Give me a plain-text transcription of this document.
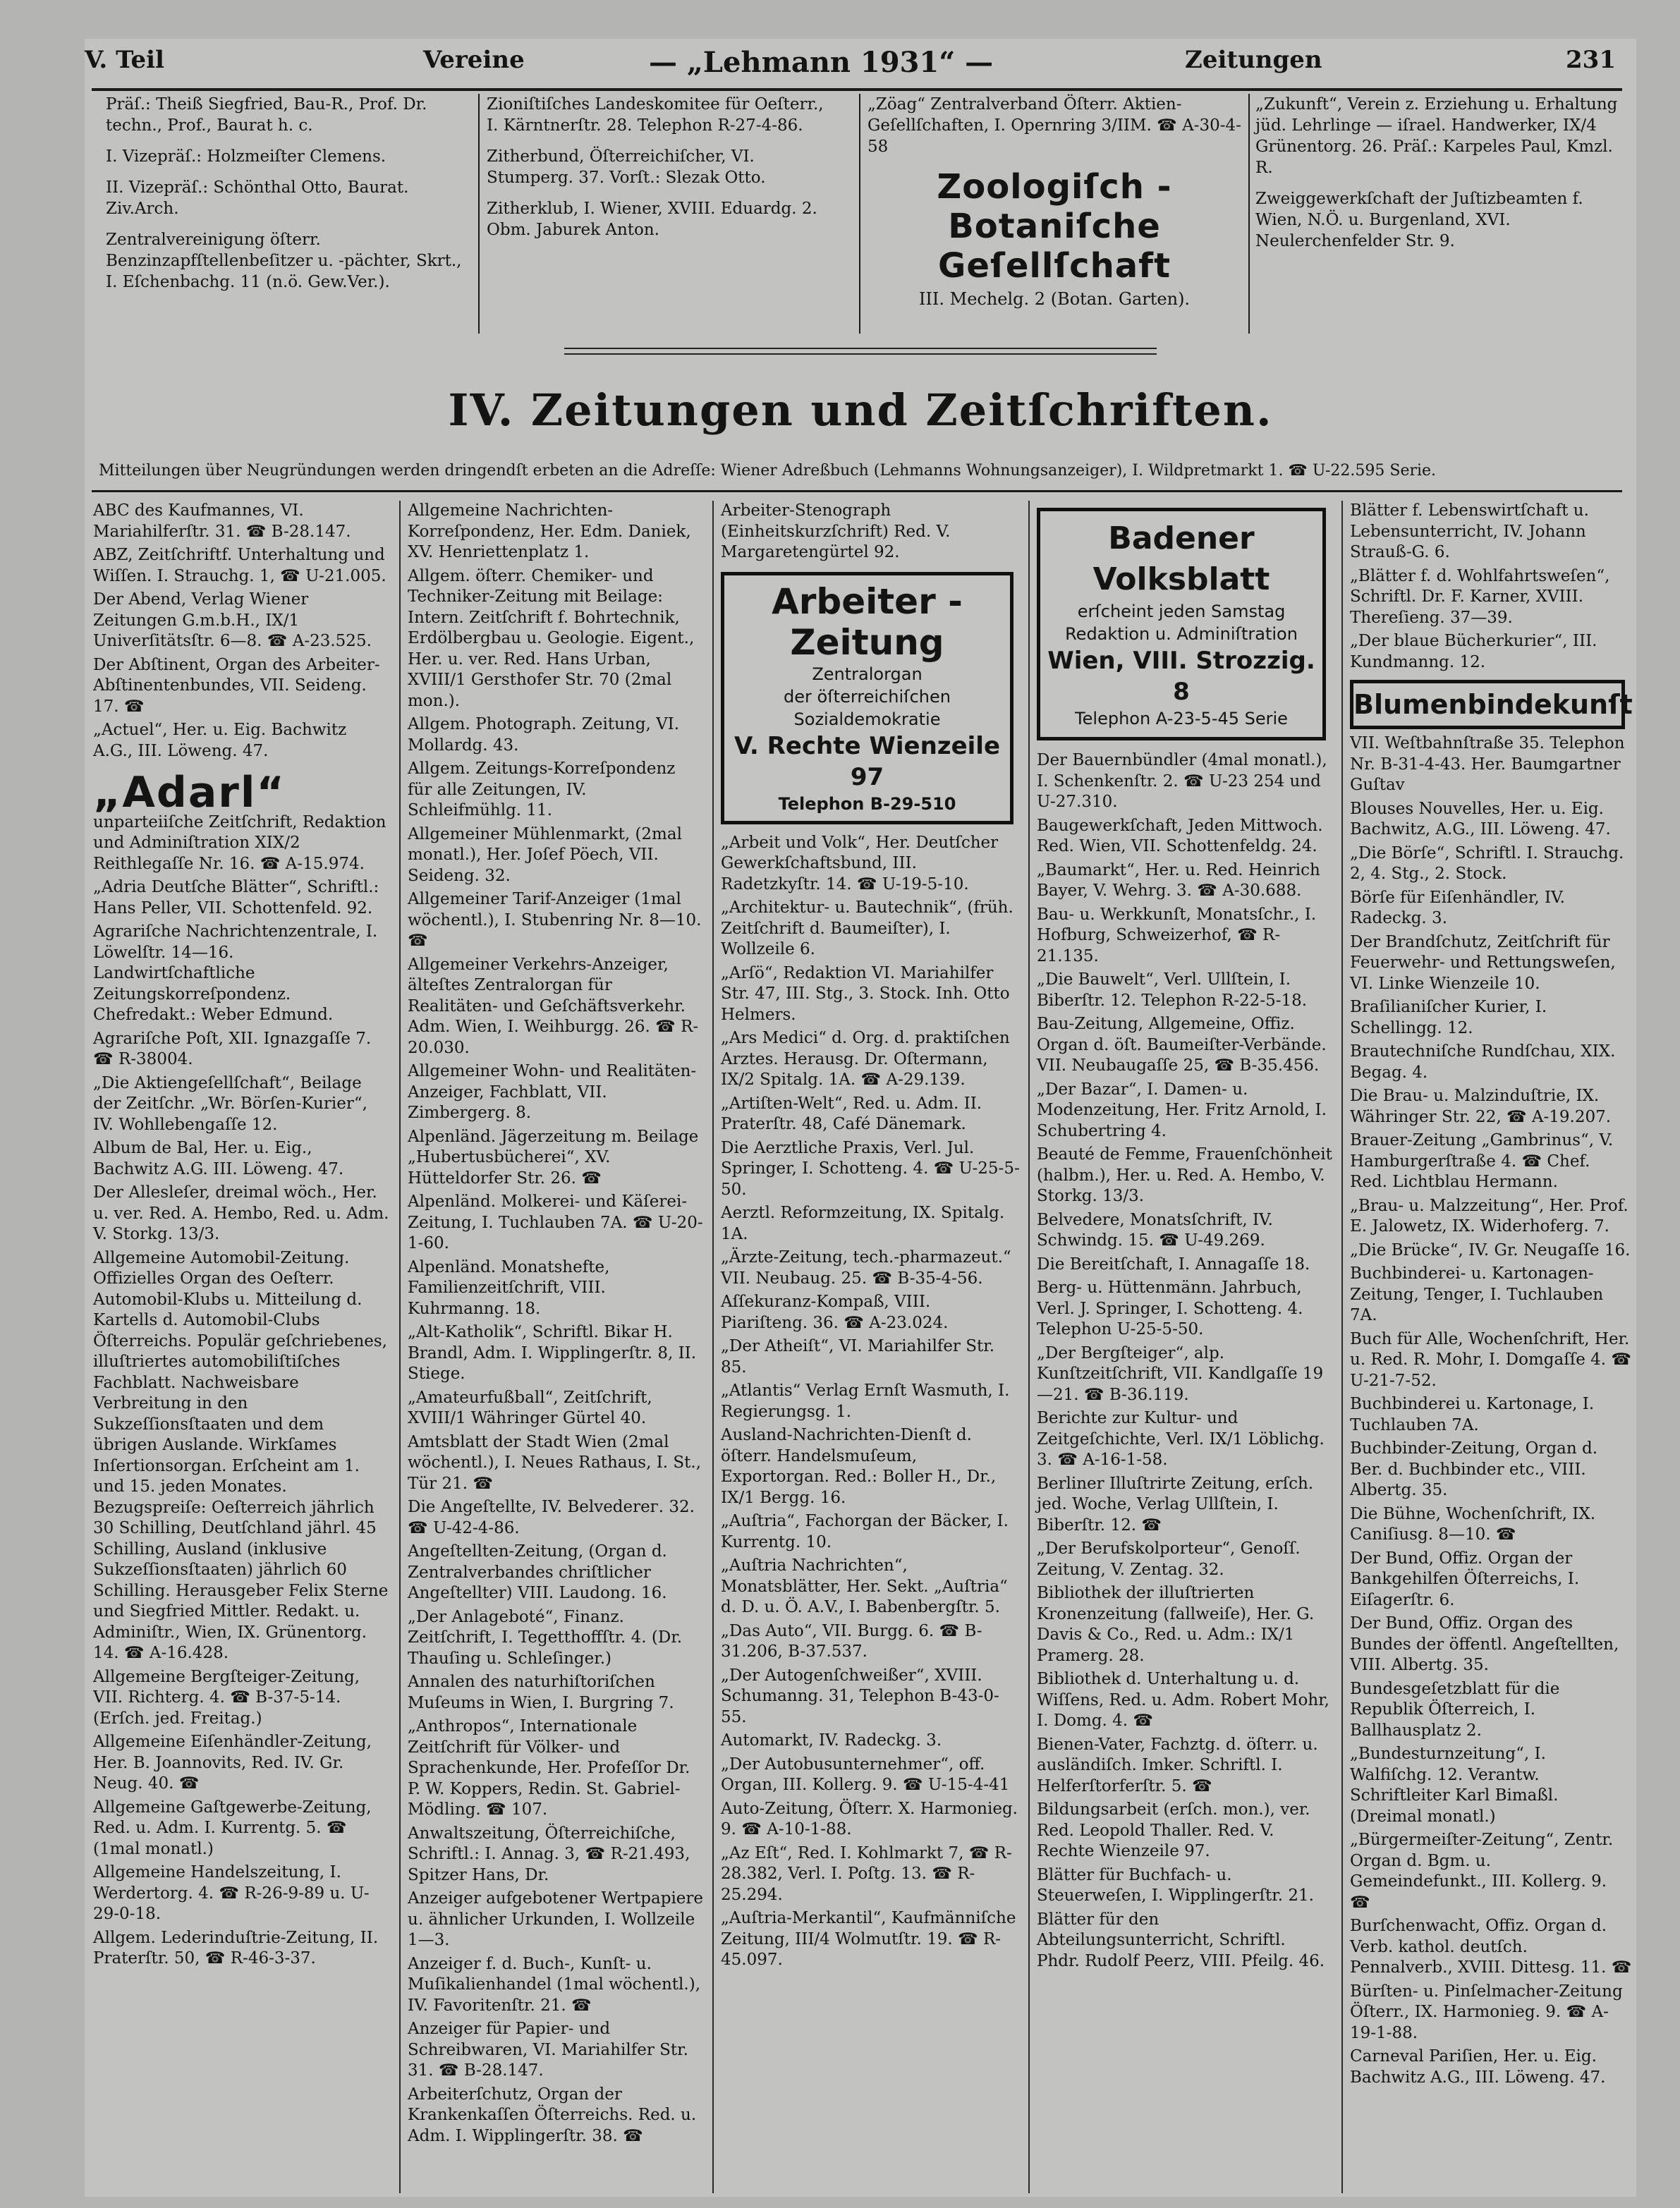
V. Teil	Vereine	— „Lehmann 1931“ —	Zeitungen	231

Präſ.: Theiß Siegfried, Bau-R., Prof. Dr. techn., Prof., Baurat h. c.

I. Vizepräſ.: Holzmeiſter Clemens.

II. Vizepräſ.: Schönthal Otto, Baurat. Ziv.Arch.

Zentralvereinigung öſterr. Benzinzapfſtellenbeſitzer u. -pächter, Skrt., I. Eſchenbachg. 11 (n.ö. Gew.Ver.).

Zioniſtiſches Landeskomitee für Oeſterr., I. Kärntnerſtr. 28. Telephon R-27-4-86.

Zitherbund, Öſterreichiſcher, VI. Stumperg. 37. Vorſt.: Slezak Otto.

Zitherklub, I. Wiener, XVIII. Eduardg. 2. Obm. Jaburek Anton.

„Zöag“ Zentralverband Öſterr. Aktien-Geſellſchaften, I. Opernring 3/IIM. ☎ A-30-4-58

Zoologiſch - Botaniſche Geſellſchaft
III. Mechelg. 2 (Botan. Garten).

„Zukunft“, Verein z. Erziehung u. Erhaltung jüd. Lehrlinge — iſrael. Handwerker, IX/4 Grünentorg. 26. Präſ.: Karpeles Paul, Kmzl. R.

Zweiggewerkſchaft der Juſtizbeamten f. Wien, N.Ö. u. Burgenland, XVI. Neulerchenfelder Str. 9.

IV. Zeitungen und Zeitſchriften.
Mitteilungen über Neugründungen werden dringendſt erbeten an die Adreſſe: Wiener Adreßbuch (Lehmanns Wohnungsanzeiger), I. Wildpretmarkt 1. ☎ U-22.595 Serie.

ABC des Kaufmannes, VI. Mariahilferſtr. 31. ☎ B-28.147.

ABZ, Zeitſchriftf. Unterhaltung und Wiſſen. I. Strauchg. 1, ☎ U-21.005.

Der Abend, Verlag Wiener Zeitungen G.m.b.H., IX/1 Univerſitätsſtr. 6—8. ☎ A-23.525.

Der Abſtinent, Organ des Arbeiter-Abſtinentenbundes, VII. Seideng. 17. ☎

„Actuel“, Her. u. Eig. Bachwitz A.G., III. Löweng. 47.

„Adarl“

unparteiiſche Zeitſchrift, Redaktion und Adminiſtration XIX/2 Reithlegaſſe Nr. 16. ☎ A-15.974.

„Adria Deutſche Blätter“, Schriftl.: Hans Peller, VII. Schottenfeld. 92.

Agrariſche Nachrichtenzentrale, I. Löwelſtr. 14—16. Landwirtſchaftliche Zeitungskorreſpondenz. Chefredakt.: Weber Edmund.

Agrariſche Poſt, XII. Ignazgaſſe 7. ☎ R-38004.

„Die Aktiengeſellſchaft“, Beilage der Zeitſchr. „Wr. Börſen-Kurier“, IV. Wohllebengaſſe 12.

Album de Bal, Her. u. Eig., Bachwitz A.G. III. Löweng. 47.

Der Allesleſer, dreimal wöch., Her. u. ver. Red. A. Hembo, Red. u. Adm. V. Storkg. 13/3.

Allgemeine Automobil-Zeitung. Offizielles Organ des Oeſterr. Automobil-Klubs u. Mitteilung d. Kartells d. Automobil-Clubs Öſterreichs. Populär geſchriebenes, illuſtriertes automobiliſtiſches Fachblatt. Nachweisbare Verbreitung in den Sukzeſſionsſtaaten und dem übrigen Auslande. Wirkſames Inſertionsorgan. Erſcheint am 1. und 15. jeden Monates. Bezugspreiſe: Oeſterreich jährlich 30 Schilling, Deutſchland jährl. 45 Schilling, Ausland (inklusive Sukzeſſionsſtaaten) jährlich 60 Schilling. Herausgeber Felix Sterne und Siegfried Mittler. Redakt. u. Adminiſtr., Wien, IX. Grünentorg. 14. ☎ A-16.428.

Allgemeine Bergſteiger-Zeitung, VII. Richterg. 4. ☎ B-37-5-14. (Erſch. jed. Freitag.)

Allgemeine Eiſenhändler-Zeitung, Her. B. Joannovits, Red. IV. Gr. Neug. 40. ☎

Allgemeine Gaſtgewerbe-Zeitung, Red. u. Adm. I. Kurrentg. 5. ☎ (1mal monatl.)

Allgemeine Handelszeitung, I. Werdertorg. 4. ☎ R-26-9-89 u. U-29-0-18.

Allgem. Lederinduſtrie-Zeitung, II. Praterſtr. 50, ☎ R-46-3-37.

Allgemeine Nachrichten-Korreſpondenz, Her. Edm. Daniek, XV. Henriettenplatz 1.

Allgem. öſterr. Chemiker- und Techniker-Zeitung mit Beilage: Intern. Zeitſchrift f. Bohrtechnik, Erdölbergbau u. Geologie. Eigent., Her. u. ver. Red. Hans Urban, XVIII/1 Gersthofer Str. 70 (2mal mon.).

Allgem. Photograph. Zeitung, VI. Mollardg. 43.

Allgem. Zeitungs-Korreſpondenz für alle Zeitungen, IV. Schleifmühlg. 11.

Allgemeiner Mühlenmarkt, (2mal monatl.), Her. Joſef Pöech, VII. Seideng. 32.

Allgemeiner Tarif-Anzeiger (1mal wöchentl.), I. Stubenring Nr. 8—10. ☎

Allgemeiner Verkehrs-Anzeiger, älteſtes Zentralorgan für Realitäten- und Geſchäftsverkehr. Adm. Wien, I. Weihburgg. 26. ☎ R-20.030.

Allgemeiner Wohn- und Realitäten-Anzeiger, Fachblatt, VII. Zimbergerg. 8.

Alpenländ. Jägerzeitung m. Beilage „Hubertusbücherei“, XV. Hütteldorfer Str. 26. ☎

Alpenländ. Molkerei- und Käſerei-Zeitung, I. Tuchlauben 7A. ☎ U-20-1-60.

Alpenländ. Monatshefte, Familienzeitſchrift, VIII. Kuhrmanng. 18.

„Alt-Katholik“, Schriftl. Bikar H. Brandl, Adm. I. Wipplingerſtr. 8, II. Stiege.

„Amateurfußball“, Zeitſchrift, XVIII/1 Währinger Gürtel 40.

Amtsblatt der Stadt Wien (2mal wöchentl.), I. Neues Rathaus, I. St., Tür 21. ☎

Die Angeſtellte, IV. Belvederег. 32. ☎ U-42-4-86.

Angeſtellten-Zeitung, (Organ d. Zentralverbandes chriſtlicher Angeſtellter) VIII. Laudong. 16.

„Der Anlageboté“, Finanz. Zeitſchrift, I. Tegetthoffſtr. 4. (Dr. Thauſing u. Schleſinger.)

Annalen des naturhiſtoriſchen Muſeums in Wien, I. Burgring 7.

„Anthropos“, Internationale Zeitſchrift für Völker- und Sprachenkunde, Her. Profeſſor Dr. P. W. Koppers, Redin. St. Gabriel-Mödling. ☎ 107.

Anwaltszeitung, Öſterreichiſche, Schriftl.: I. Annag. 3, ☎ R-21.493, Spitzer Hans, Dr.

Anzeiger aufgebotener Wertpapiere u. ähnlicher Urkunden, I. Wollzeile 1—3.

Anzeiger f. d. Buch-, Kunſt- u. Muſikalienhandel (1mal wöchentl.), IV. Favoritenſtr. 21. ☎

Anzeiger für Papier- und Schreibwaren, VI. Mariahilfer Str. 31. ☎ B-28.147.

Arbeiterſchutz, Organ der Krankenkaſſen Öſterreichs. Red. u. Adm. I. Wipplingerſtr. 38. ☎

Arbeiter-Stenograph (Einheitskurzſchrift) Red. V. Margaretengürtel 92.

Arbeiter - Zeitung
Zentralorgan
der öſterreichiſchen Sozialdemokratie
V. Rechte Wienzeile 97
Telephon B-29-510

„Arbeit und Volk“, Her. Deutſcher Gewerkſchaftsbund, III. Radetzkyſtr. 14. ☎ U-19-5-10.

„Architektur- u. Bautechnik“, (früh. Zeitſchrift d. Baumeiſter), I. Wollzeile 6.

„Arſö“, Redaktion VI. Mariahilfer Str. 47, III. Stg., 3. Stock. Inh. Otto Helmers.

„Ars Medici“ d. Org. d. praktiſchen Arztes. Herausg. Dr. Oſtermann, IX/2 Spitalg. 1A. ☎ A-29.139.

„Artiſten-Welt“, Red. u. Adm. II. Praterſtr. 48, Café Dänemark.

Die Aerztliche Praxis, Verl. Jul. Springer, I. Schotteng. 4. ☎ U-25-5-50.

Aerztl. Reformzeitung, IX. Spitalg. 1A.

„Ärzte-Zeitung, tech.-pharmazeut.“ VII. Neubaug. 25. ☎ B-35-4-56.

Aſſekuranz-Kompaß, VIII. Piariſteng. 36. ☎ A-23.024.

„Der Atheiſt“, VI. Mariahilfer Str. 85.

„Atlantis“ Verlag Ernſt Wasmuth, I. Regierungsg. 1.

Ausland-Nachrichten-Dienſt d. öſterr. Handelsmuſeum, Exportorgan. Red.: Boller H., Dr., IX/1 Bergg. 16.

„Auſtria“, Fachorgan der Bäcker, I. Kurrentg. 10.

„Auſtria Nachrichten“, Monatsblätter, Her. Sekt. „Auſtria“ d. D. u. Ö. A.V., I. Babenbergſtr. 5.

„Das Auto“, VII. Burgg. 6. ☎ B-31.206, B-37.537.

„Der Autogenſchweißer“, XVIII. Schumanng. 31, Telephon B-43-0-55.

Automarkt, IV. Radeckg. 3.

„Der Autobusunternehmer“, off. Organ, III. Kollerg. 9. ☎ U-15-4-41

Auto-Zeitung, Öſterr. X. Harmonieg. 9. ☎ A-10-1-88.

„Az Eſt“, Red. I. Kohlmarkt 7, ☎ R-28.382, Verl. I. Poſtg. 13. ☎ R-25.294.

„Auſtria-Merkantil“, Kaufmänniſche Zeitung, III/4 Wolmutſtr. 19. ☎ R-45.097.

Badener Volksblatt
erſcheint jeden Samstag
Redaktion u. Adminiſtration
Wien, VIII. Strozzig. 8
Telephon A-23-5-45 Serie

Der Bauernbündler (4mal monatl.), I. Schenkenſtr. 2. ☎ U-23 254 und U-27.310.

Baugewerkſchaft, Jeden Mittwoch. Red. Wien, VII. Schottenfeldg. 24.

„Baumarkt“, Her. u. Red. Heinrich Bayer, V. Wehrg. 3. ☎ A-30.688.

Bau- u. Werkkunſt, Monatsſchr., I. Hofburg, Schweizerhof, ☎ R-21.135.

„Die Bauwelt“, Verl. Ullſtein, I. Biberſtr. 12. Telephon R-22-5-18.

Bau-Zeitung, Allgemeine, Offiz. Organ d. öſt. Baumeiſter-Verbände. VII. Neubaugaſſe 25, ☎ B-35.456.

„Der Bazar“, I. Damen- u. Modenzeitung, Her. Fritz Arnold, I. Schubertring 4.

Beauté de Femme, Frauenſchönheit (halbm.), Her. u. Red. A. Hembo, V. Storkg. 13/3.

Belvedere, Monatsſchrift, IV. Schwindg. 15. ☎ U-49.269.

Die Bereitſchaft, I. Annagaſſe 18.

Berg- u. Hüttenmänn. Jahrbuch, Verl. J. Springer, I. Schotteng. 4. Telephon U-25-5-50.

„Der Bergſteiger“, alp. Kunſtzeitſchrift, VII. Kandlgaſſe 19—21. ☎ B-36.119.

Berichte zur Kultur- und Zeitgeſchichte, Verl. IX/1 Löblichg. 3. ☎ A-16-1-58.

Berliner Illuſtrirte Zeitung, erſch. jed. Woche, Verlag Ullſtein, I. Biberſtr. 12. ☎

„Der Berufskolporteur“, Genoſſ. Zeitung, V. Zentag. 32.

Bibliothek der illuſtrierten Kronenzeitung (fallweiſe), Her. G. Davis & Co., Red. u. Adm.: IX/1 Pramerg. 28.

Bibliothek d. Unterhaltung u. d. Wiſſens, Red. u. Adm. Robert Mohr, I. Domg. 4. ☎

Bienen-Vater, Fachztg. d. öſterr. u. ausländiſch. Imker. Schriftl. I. Helferſtorferſtr. 5. ☎

Bildungsarbeit (erſch. mon.), ver. Red. Leopold Thaller. Red. V. Rechte Wienzeile 97.

Blätter für Buchfach- u. Steuerweſen, I. Wipplingerſtr. 21.

Blätter für den Abteilungsunterricht, Schriftl. Phdr. Rudolf Peerz, VIII. Pfeilg. 46.

Blätter f. Lebenswirtſchaft u. Lebensunterricht, IV. Johann Strauß-G. 6.

„Blätter f. d. Wohlfahrtsweſen“, Schriftl. Dr. F. Karner, XVIII. Thereſieng. 37—39.

„Der blaue Bücherkurier“, III. Kundmanng. 12.

Blumenbindekunſt

VII. Weſtbahnſtraße 35. Telephon Nr. B-31-4-43. Her. Baumgartner Guſtav

Blouses Nouvelles, Her. u. Eig. Bachwitz, A.G., III. Löweng. 47.

„Die Börſe“, Schriftl. I. Strauchg. 2, 4. Stg., 2. Stock.

Börſe für Eiſenhändler, IV. Radeckg. 3.

Der Brandſchutz, Zeitſchrift für Feuerwehr- und Rettungsweſen, VI. Linke Wienzeile 10.

Braſilianiſcher Kurier, I. Schellingg. 12.

Brautechniſche Rundſchau, XIX. Begag. 4.

Die Brau- u. Malzinduſtrie, IX. Währinger Str. 22, ☎ A-19.207.

Brauer-Zeitung „Gambrinus“, V. Hamburgerſtraße 4. ☎ Chef. Red. Lichtblau Hermann.

„Brau- u. Malzzeitung“, Her. Prof. E. Jalowetz, IX. Widerhoferg. 7.

„Die Brücke“, IV. Gr. Neugaſſe 16.

Buchbinderei- u. Kartonagen-Zeitung, Tenger, I. Tuchlauben 7A.

Buch für Alle, Wochenſchrift, Her. u. Red. R. Mohr, I. Domgaſſe 4. ☎ U-21-7-52.

Buchbinderei u. Kartonage, I. Tuchlauben 7A.

Buchbinder-Zeitung, Organ d. Ber. d. Buchbinder etc., VIII. Albertg. 35.

Die Bühne, Wochenſchrift, IX. Caniſiusg. 8—10. ☎

Der Bund, Offiz. Organ der Bankgehilfen Öſterreichs, I. Eiſagerſtr. 6.

Der Bund, Offiz. Organ des Bundes der öffentl. Angeſtellten, VIII. Albertg. 35.

Bundesgeſetzblatt für die Republik Öſterreich, I. Ballhausplatz 2.

„Bundesturnzeitung“, I. Walfiſchg. 12. Verantw. Schriftleiter Karl Bimaßl. (Dreimal monatl.)

„Bürgermeiſter-Zeitung“, Zentr. Organ d. Bgm. u. Gemeindefunkt., III. Kollerg. 9. ☎

Burſchenwacht, Offiz. Organ d. Verb. kathol. deutſch. Pennalverb., XVIII. Dittesg. 11. ☎

Bürſten- u. Pinſelmacher-Zeitung Öſterr., IX. Harmonieg. 9. ☎ A-19-1-88.

Carneval Pariſien, Her. u. Eig. Bachwitz A.G., III. Löweng. 47.
